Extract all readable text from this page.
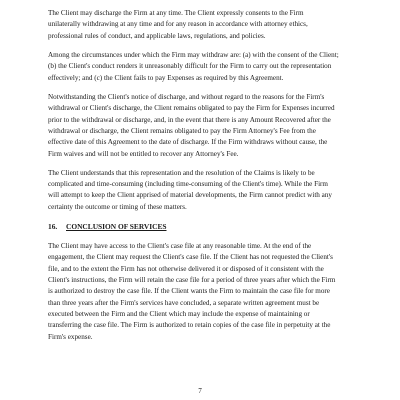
The Client may discharge the Firm at any time. The Client expressly consents to the Firm
unilaterally withdrawing at any time and for any reason in accordance with attorney ethics,
professional rules of conduct, and applicable laws, regulations, and policies.

Among the circumstances under which the Firm may withdraw are: (a) with the consent of the Client;
(b) the Client's conduct renders it unreasonably difficult for the Firm to carry out the representation
effectively; and (c) the Client fails to pay Expenses as required by this Agreement.

Notwithstanding the Client's notice of discharge, and without regard to the reasons for the Firm's
withdrawal or Client's discharge, the Client remains obligated to pay the Firm for Expenses incurred
prior to the withdrawal or discharge, and, in the event that there is any Amount Recovered after the
withdrawal or discharge, the Client remains obligated to pay the Firm Attorney's Fee from the
effective date of this Agreement to the date of discharge. If the Firm withdraws without cause, the
Firm waives and will not be entitled to recover any Attorney's Fee.

The Client understands that this representation and the resolution of the Claims is likely to be
complicated and time-consuming (including time-consuming of the Client's time). While the Firm
will attempt to keep the Client apprised of material developments, the Firm cannot predict with any
certainty the outcome or timing of these matters.

16. CONCLUSION OF SERVICES

The Client may have access to the Client's case file at any reasonable time. At the end of the
engagement, the Client may request the Client's case file. If the Client has not requested the Client's
file, and to the extent the Firm has not otherwise delivered it or disposed of it consistent with the
Client's instructions, the Firm will retain the case file for a period of three years after which the Firm
is authorized to destroy the case file. If the Client wants the Firm to maintain the case file for more
than three years after the Firm's services have concluded, a separate written agreement must be
executed between the Firm and the Client which may include the expense of maintaining or
transferring the case file. The Firm is authorized to retain copies of the case file in perpetuity at the
Firm's expense.

7
